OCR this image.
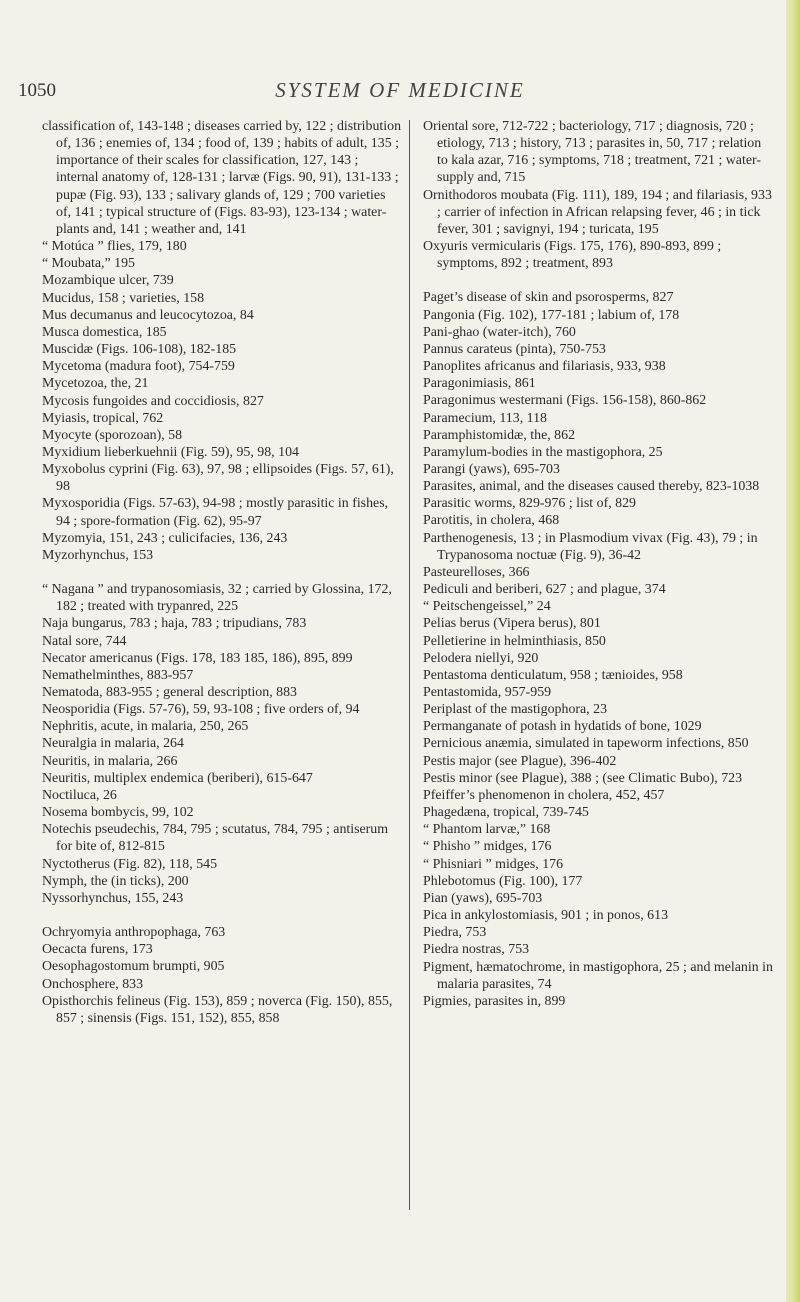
1050	SYSTEM OF MEDICINE

classification of, 143-148 ; diseases carried by, 122 ; distribution of, 136 ; enemies of, 134 ; food of, 139 ; habits of adult, 135 ; importance of their scales for classification, 127, 143 ; internal anatomy of, 128-131 ; larvæ (Figs. 90, 91), 131-133 ; pupæ (Fig. 93), 133 ; salivary glands of, 129 ; 700 varieties of, 141 ; typical structure of (Figs. 83-93), 123-134 ; water-plants and, 141 ; weather and, 141

“ Motúca ” flies, 179, 180

“ Moubata,” 195

Mozambique ulcer, 739

Mucidus, 158 ; varieties, 158

Mus decumanus and leucocytozoa, 84

Musca domestica, 185

Muscidæ (Figs. 106-108), 182-185

Mycetoma (madura foot), 754-759

Mycetozoa, the, 21

Mycosis fungoides and coccidiosis, 827

Myiasis, tropical, 762

Myocyte (sporozoan), 58

Myxidium lieberkuehnii (Fig. 59), 95, 98, 104

Myxobolus cyprini (Fig. 63), 97, 98 ; ellipsoides (Figs. 57, 61), 98

Myxosporidia (Figs. 57-63), 94-98 ; mostly parasitic in fishes, 94 ; spore-formation (Fig. 62), 95-97

Myzomyia, 151, 243 ; culicifacies, 136, 243

Myzorhynchus, 153

“ Nagana ” and trypanosomiasis, 32 ; carried by Glossina, 172, 182 ; treated with trypanred, 225

Naja bungarus, 783 ; haja, 783 ; tripudians, 783

Natal sore, 744

Necator americanus (Figs. 178, 183 185, 186), 895, 899

Nemathelminthes, 883-957

Nematoda, 883-955 ; general description, 883

Neosporidia (Figs. 57-76), 59, 93-108 ; five orders of, 94

Nephritis, acute, in malaria, 250, 265

Neuralgia in malaria, 264

Neuritis, in malaria, 266

Neuritis, multiplex endemica (beriberi), 615-647

Noctiluca, 26

Nosema bombycis, 99, 102

Notechis pseudechis, 784, 795 ; scutatus, 784, 795 ; antiserum for bite of, 812-815

Nyctotherus (Fig. 82), 118, 545

Nymph, the (in ticks), 200

Nyssorhynchus, 155, 243

Ochryomyia anthropophaga, 763

Oecacta furens, 173

Oesophagostomum brumpti, 905

Onchosphere, 833

Opisthorchis felineus (Fig. 153), 859 ; noverca (Fig. 150), 855, 857 ; sinensis (Figs. 151, 152), 855, 858

Oriental sore, 712-722 ; bacteriology, 717 ; diagnosis, 720 ; etiology, 713 ; history, 713 ; parasites in, 50, 717 ; relation to kala azar, 716 ; symptoms, 718 ; treatment, 721 ; water-supply and, 715

Ornithodoros moubata (Fig. 111), 189, 194 ; and filariasis, 933 ; carrier of infection in African relapsing fever, 46 ; in tick fever, 301 ; savignyi, 194 ; turicata, 195

Oxyuris vermicularis (Figs. 175, 176), 890-893, 899 ; symptoms, 892 ; treatment, 893

Paget’s disease of skin and psorosperms, 827

Pangonia (Fig. 102), 177-181 ; labium of, 178

Pani-ghao (water-itch), 760

Pannus carateus (pinta), 750-753

Panoplites africanus and filariasis, 933, 938

Paragonimiasis, 861

Paragonimus westermani (Figs. 156-158), 860-862

Paramecium, 113, 118

Paramphistomidæ, the, 862

Paramylum-bodies in the mastigophora, 25

Parangi (yaws), 695-703

Parasites, animal, and the diseases caused thereby, 823-1038

Parasitic worms, 829-976 ; list of, 829

Parotitis, in cholera, 468

Parthenogenesis, 13 ; in Plasmodium vivax (Fig. 43), 79 ; in Trypanosoma noctuæ (Fig. 9), 36-42

Pasteurelloses, 366

Pediculi and beriberi, 627 ; and plague, 374

“ Peitschengeissel,” 24

Pelias berus (Vipera berus), 801

Pelletierine in helminthiasis, 850

Pelodera niellyi, 920

Pentastoma denticulatum, 958 ; tænioides, 958

Pentastomida, 957-959

Periplast of the mastigophora, 23

Permanganate of potash in hydatids of bone, 1029

Pernicious anæmia, simulated in tapeworm infections, 850

Pestis major (see Plague), 396-402

Pestis minor (see Plague), 388 ; (see Climatic Bubo), 723

Pfeiffer’s phenomenon in cholera, 452, 457

Phagedæna, tropical, 739-745

“ Phantom larvæ,” 168

“ Phisho ” midges, 176

“ Phisniari ” midges, 176

Phlebotomus (Fig. 100), 177

Pian (yaws), 695-703

Pica in ankylostomiasis, 901 ; in ponos, 613

Piedra, 753

Piedra nostras, 753

Pigment, hæmatochrome, in mastigophora, 25 ; and melanin in malaria parasites, 74

Pigmies, parasites in, 899
